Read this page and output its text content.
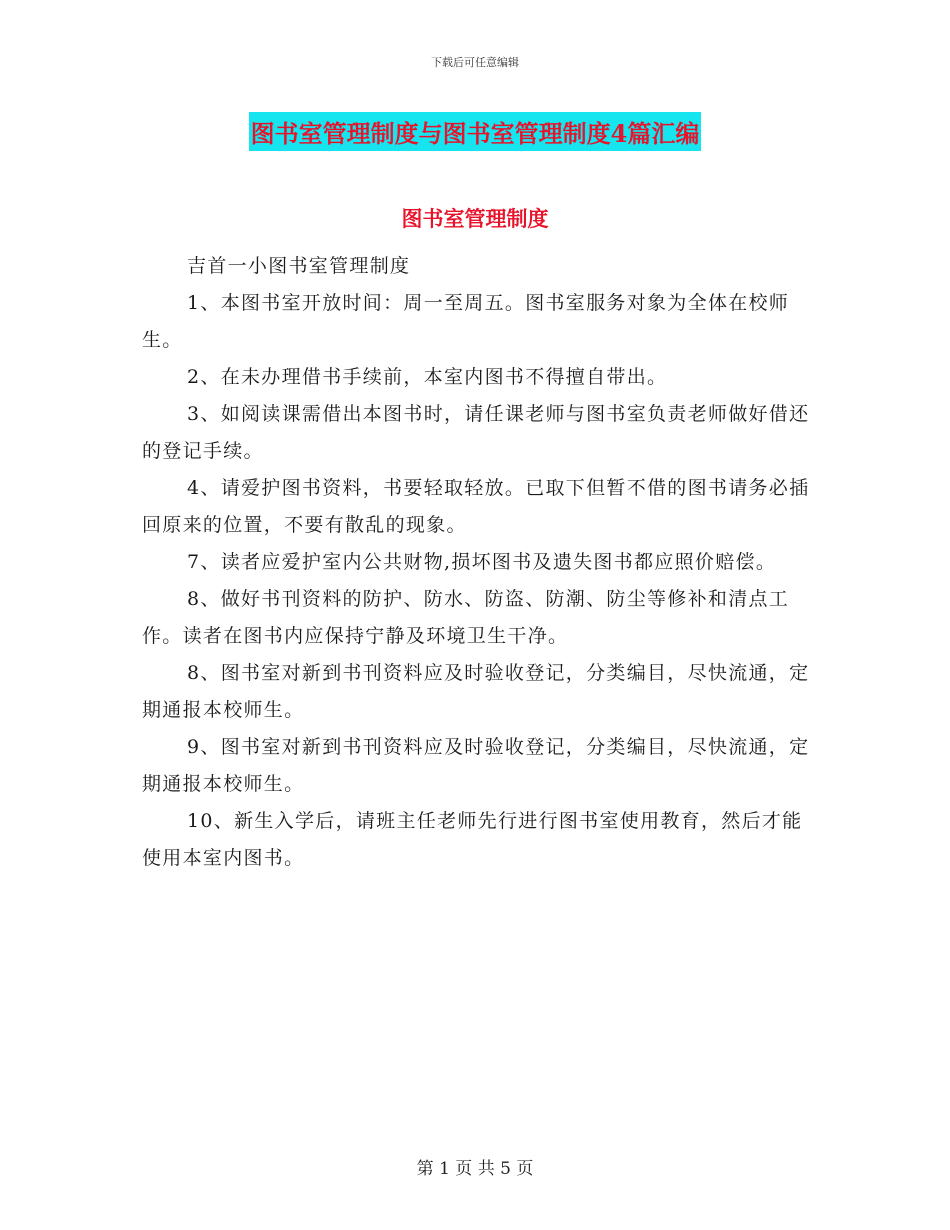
下载后可任意编辑
图书室管理制度与图书室管理制度4篇汇编
图书室管理制度

吉首一小图书室管理制度

1、本图书室开放时间：周一至周五。图书室服务对象为全体在校师生。

2、在未办理借书手续前，本室内图书不得擅自带出。

3、如阅读课需借出本图书时，请任课老师与图书室负责老师做好借还的登记手续。

4、请爱护图书资料，书要轻取轻放。已取下但暂不借的图书请务必插回原来的位置，不要有散乱的现象。

7、读者应爱护室内公共财物,损坏图书及遗失图书都应照价赔偿。

8、做好书刊资料的防护、防水、防盗、防潮、防尘等修补和清点工作。读者在图书内应保持宁静及环境卫生干净。

8、图书室对新到书刊资料应及时验收登记，分类编目，尽快流通，定期通报本校师生。

9、图书室对新到书刊资料应及时验收登记，分类编目，尽快流通，定期通报本校师生。

10、新生入学后，请班主任老师先行进行图书室使用教育，然后才能使用本室内图书。

第 1 页 共 5 页
